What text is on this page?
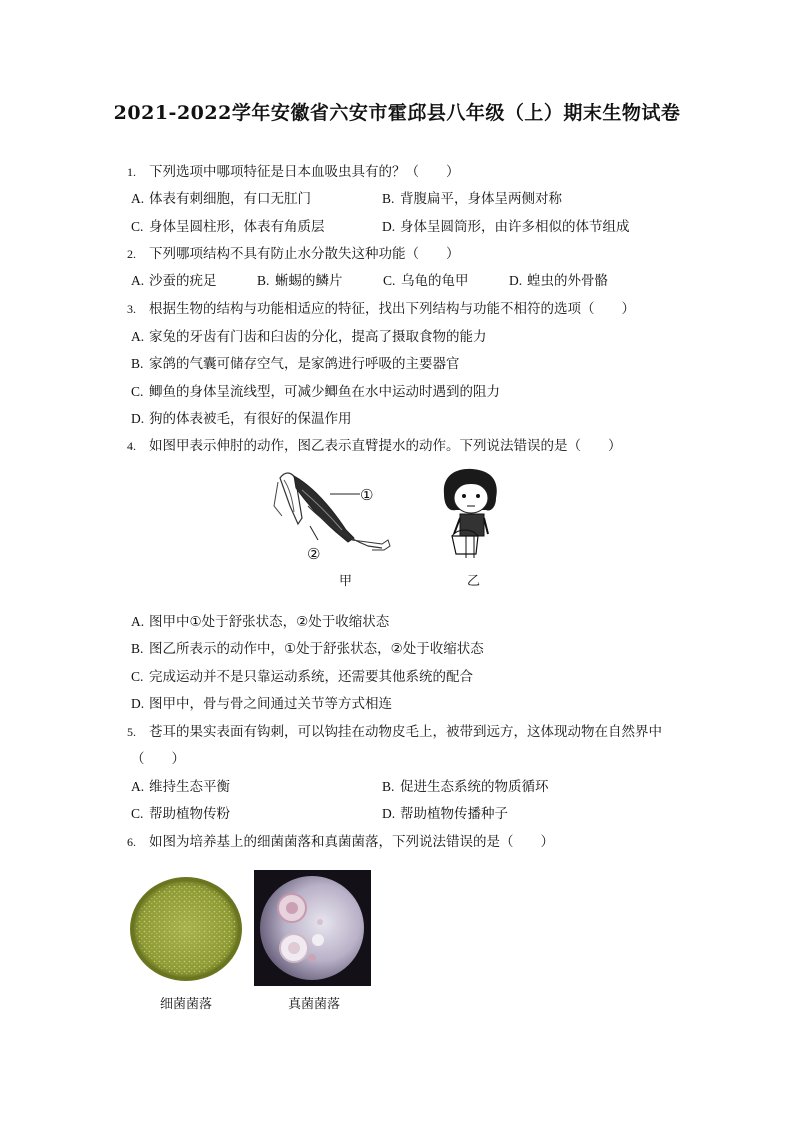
2021-2022学年安徽省六安市霍邱县八年级（上）期末生物试卷
1. 下列选项中哪项特征是日本血吸虫具有的？（　　）
A. 体表有刺细胞，有口无肛门	B. 背腹扁平，身体呈两侧对称
C. 身体呈圆柱形，体表有角质层	D. 身体呈圆筒形，由许多相似的体节组成
2. 下列哪项结构不具有防止水分散失这种功能（　　）
A. 沙蚕的疣足	B. 蜥蜴的鳞片	C. 乌龟的龟甲	D. 蝗虫的外骨骼
3. 根据生物的结构与功能相适应的特征，找出下列结构与功能不相符的选项（　　）
A. 家兔的牙齿有门齿和臼齿的分化，提高了摄取食物的能力
B. 家鸽的气囊可储存空气，是家鸽进行呼吸的主要器官
C. 鲫鱼的身体呈流线型，可减少鲫鱼在水中运动时遇到的阻力
D. 狗的体表被毛，有很好的保温作用
4. 如图甲表示伸肘的动作，图乙表示直臂提水的动作。下列说法错误的是（　　）
①
②
甲	乙
A. 图甲中①处于舒张状态，②处于收缩状态
B. 图乙所表示的动作中，①处于舒张状态，②处于收缩状态
C. 完成运动并不是只靠运动系统，还需要其他系统的配合
D. 图甲中，骨与骨之间通过关节等方式相连
5. 苍耳的果实表面有钩刺，可以钩挂在动物皮毛上，被带到远方，这体现动物在自然界中
（　　）
A. 维持生态平衡	B. 促进生态系统的物质循环
C. 帮助植物传粉	D. 帮助植物传播种子
6. 如图为培养基上的细菌菌落和真菌菌落，下列说法错误的是（　　）
细菌菌落	真菌菌落
